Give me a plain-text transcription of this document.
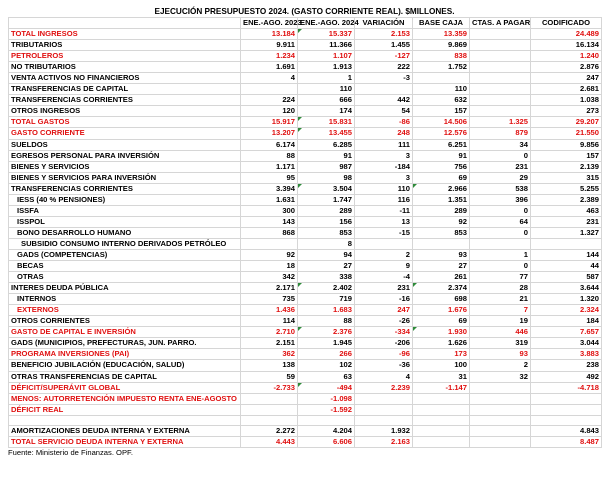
EJECUCIÓN PRESUPUESTO 2024. (GASTO CORRIENTE REAL). $MILLONES.
	ENE.-AGO. 2023	ENE.-AGO. 2024	VARIACIÓN	BASE CAJA	CTAS. A PAGAR	CODIFICADO
TOTAL INGRESOS	13.184	15.337	2.153	13.359		24.489
TRIBUTARIOS	9.911	11.366	1.455	9.869		16.134
PETROLEROS	1.234	1.107	-127	838		1.240
NO TRIBUTARIOS	1.691	1.913	222	1.752		2.876
VENTA ACTIVOS NO FINANCIEROS	4	1	-3			247
TRANSFERENCIAS DE CAPITAL		110		110		2.681
TRANSFERENCIAS CORRIENTES	224	666	442	632		1.038
OTROS INGRESOS	120	174	54	157		273
TOTAL GASTOS	15.917	15.831	-86	14.506	1.325	29.207
GASTO CORRIENTE	13.207	13.455	248	12.576	879	21.550
SUELDOS	6.174	6.285	111	6.251	34	9.856
EGRESOS PERSONAL PARA INVERSIÓN	88	91	3	91	0	157
BIENES Y SERVICIOS	1.171	987	-184	756	231	2.139
BIENES Y SERVICIOS PARA INVERSIÓN	95	98	3	69	29	315
TRANSFERENCIAS CORRIENTES	3.394	3.504	110	2.966	538	5.255
IESS (40 % PENSIONES)	1.631	1.747	116	1.351	396	2.389
ISSFA	300	289	-11	289	0	463
ISSPOL	143	156	13	92	64	231
BONO DESARROLLO HUMANO	868	853	-15	853	0	1.327
SUBSIDIO CONSUMO INTERNO DERIVADOS PETRÓLEO		8				
GADS (COMPETENCIAS)	92	94	2	93	1	144
BECAS	18	27	9	27	0	44
OTRAS	342	338	-4	261	77	587
INTERES DEUDA PÚBLICA	2.171	2.402	231	2.374	28	3.644
INTERNOS	735	719	-16	698	21	1.320
EXTERNOS	1.436	1.683	247	1.676	7	2.324
OTROS CORRIENTES	114	88	-26	69	19	184
GASTO DE CAPITAL E INVERSIÓN	2.710	2.376	-334	1.930	446	7.657
GADS (MUNICIPIOS, PREFECTURAS, JUN. PARRO.	2.151	1.945	-206	1.626	319	3.044
PROGRAMA INVERSIONES (PAI)	362	266	-96	173	93	3.883
BENEFICIO JUBILACIÓN (EDUCACIÓN, SALUD)	138	102	-36	100	2	238
OTRAS TRANSFERENCIAS DE CAPITAL	59	63	4	31	32	492
DÉFICIT/SUPERÁVIT GLOBAL	-2.733	-494	2.239	-1.147		-4.718
MENOS: AUTORRETENCIÓN IMPUESTO RENTA ENE-AGOSTO		-1.098				
DÉFICIT REAL		-1.592				

AMORTIZACIONES DEUDA INTERNA Y EXTERNA	2.272	4.204	1.932			4.843
TOTAL SERVICIO DEUDA INTERNA Y EXTERNA	4.443	6.606	2.163			8.487
Fuente: Ministerio de Finanzas. OPF.
